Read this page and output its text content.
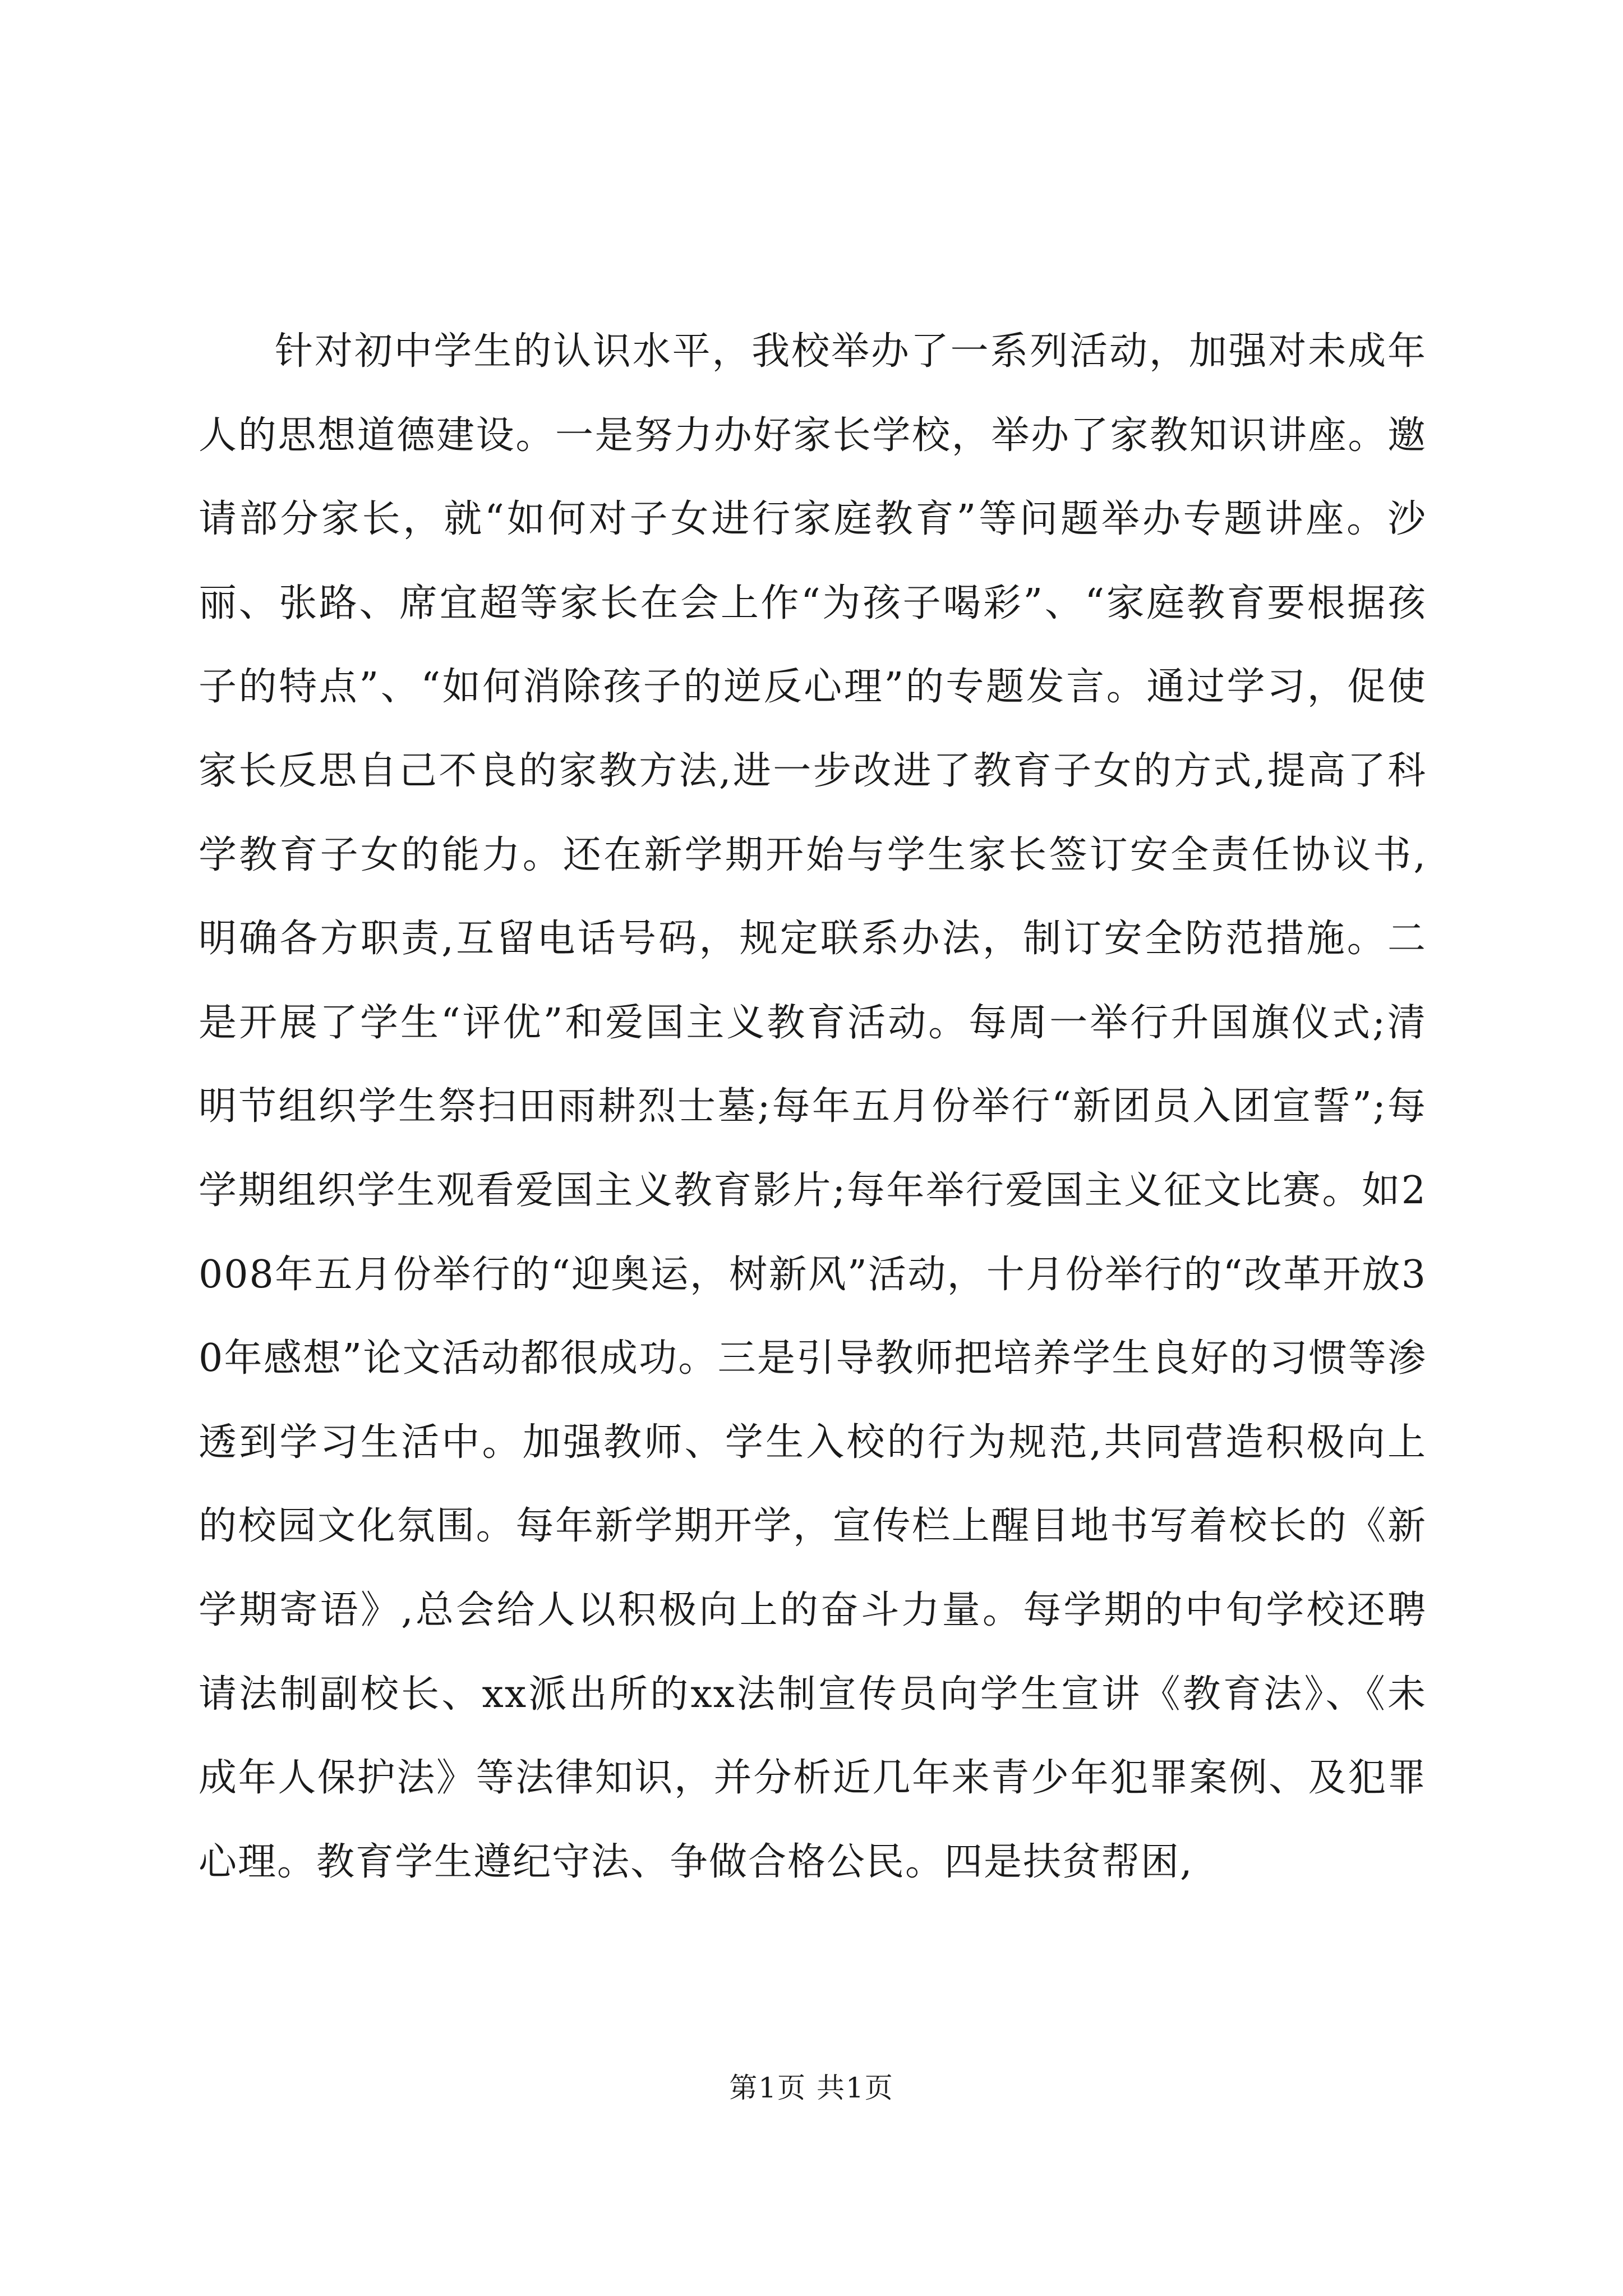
针对初中学生的认识水平，我校举办了一系列活动，加强对未成年人的思想道德建设。一是努力办好家长学校，举办了家教知识讲座。邀请部分家长，就“如何对子女进行家庭教育”等问题举办专题讲座。沙丽、张路、席宜超等家长在会上作“为孩子喝彩”、“家庭教育要根据孩子的特点”、“如何消除孩子的逆反心理”的专题发言。通过学习，促使家长反思自己不良的家教方法,进一步改进了教育子女的方式,提高了科学教育子女的能力。还在新学期开始与学生家长签订安全责任协议书,明确各方职责,互留电话号码，规定联系办法，制订安全防范措施。二是开展了学生“评优”和爱国主义教育活动。每周一举行升国旗仪式;清明节组织学生祭扫田雨耕烈士墓;每年五月份举行“新团员入团宣誓”;每学期组织学生观看爱国主义教育影片;每年举行爱国主义征文比赛。如2008年五月份举行的“迎奥运，树新风”活动，十月份举行的“改革开放30年感想”论文活动都很成功。三是引导教师把培养学生良好的习惯等渗透到学习生活中。加强教师、学生入校的行为规范,共同营造积极向上的校园文化氛围。每年新学期开学，宣传栏上醒目地书写着校长的《新学期寄语》,总会给人以积极向上的奋斗力量。每学期的中旬学校还聘请法制副校长、xx派出所的xx法制宣传员向学生宣讲《教育法》、《未成年人保护法》等法律知识，并分析近几年来青少年犯罪案例、及犯罪心理。教育学生遵纪守法、争做合格公民。四是扶贫帮困,

第1页 共1页
